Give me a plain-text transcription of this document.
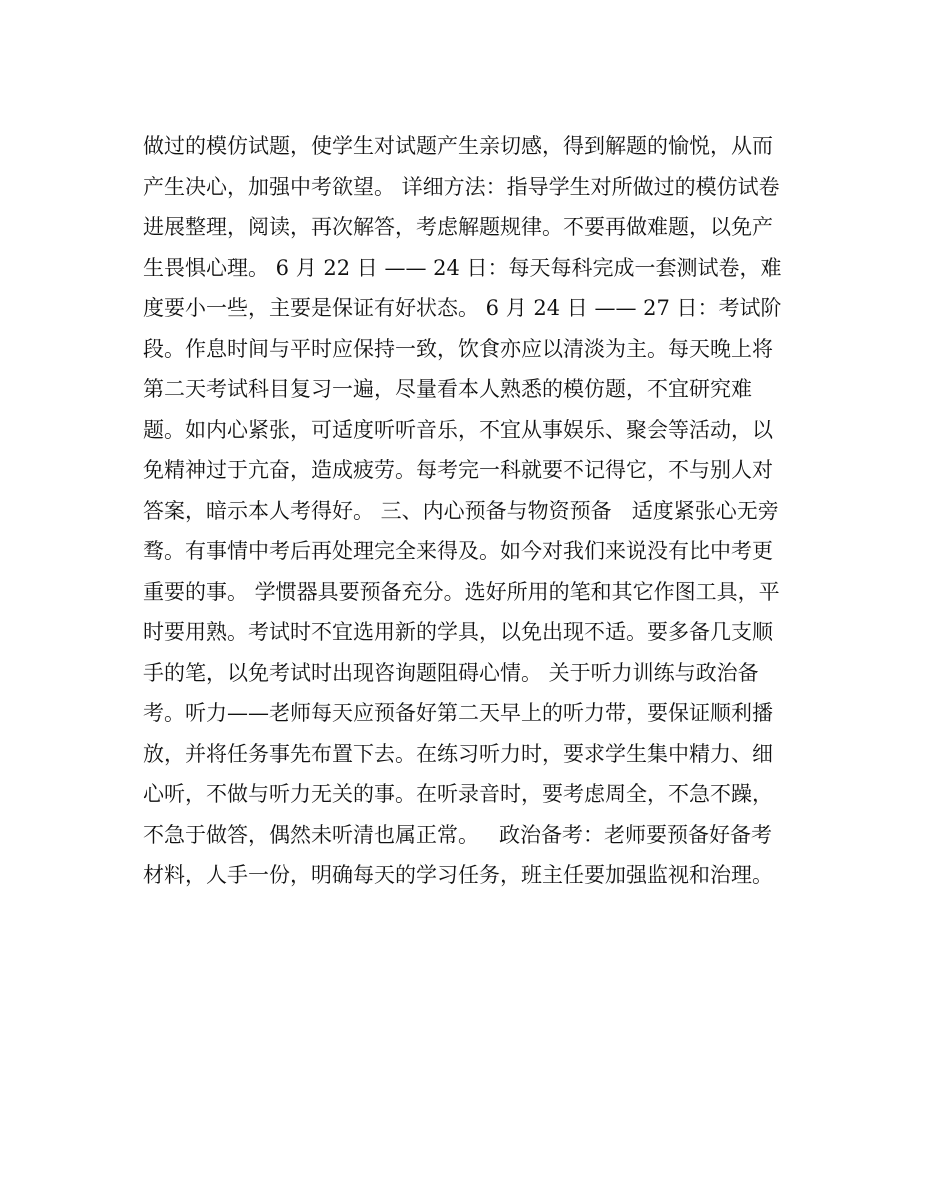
做过的模仿试题，使学生对试题产生亲切感，得到解题的愉悦，从而
产生决心，加强中考欲望。 详细方法：指导学生对所做过的模仿试卷
进展整理，阅读，再次解答，考虑解题规律。不要再做难题，以免产
生畏惧心理。 6 月 22 日 —— 24 日：每天每科完成一套测试卷，难
度要小一些，主要是保证有好状态。 6 月 24 日 —— 27 日：考试阶
段。作息时间与平时应保持一致，饮食亦应以清淡为主。每天晚上将
第二天考试科目复习一遍，尽量看本人熟悉的模仿题，不宜研究难
题。如内心紧张，可适度听听音乐，不宜从事娱乐、聚会等活动，以
免精神过于亢奋，造成疲劳。每考完一科就要不记得它，不与别人对
答案，暗示本人考得好。 三、内心预备与物资预备   适度紧张心无旁
骛。有事情中考后再处理完全来得及。如今对我们来说没有比中考更
重要的事。 学惯器具要预备充分。选好所用的笔和其它作图工具，平
时要用熟。考试时不宜选用新的学具，以免出现不适。要多备几支顺
手的笔，以免考试时出现咨询题阻碍心情。 关于听力训练与政治备
考。听力——老师每天应预备好第二天早上的听力带，要保证顺利播
放，并将任务事先布置下去。在练习听力时，要求学生集中精力、细
心听，不做与听力无关的事。在听录音时，要考虑周全，不急不躁，
不急于做答，偶然未听清也属正常。   政治备考：老师要预备好备考
材料，人手一份，明确每天的学习任务，班主任要加强监视和治理。
